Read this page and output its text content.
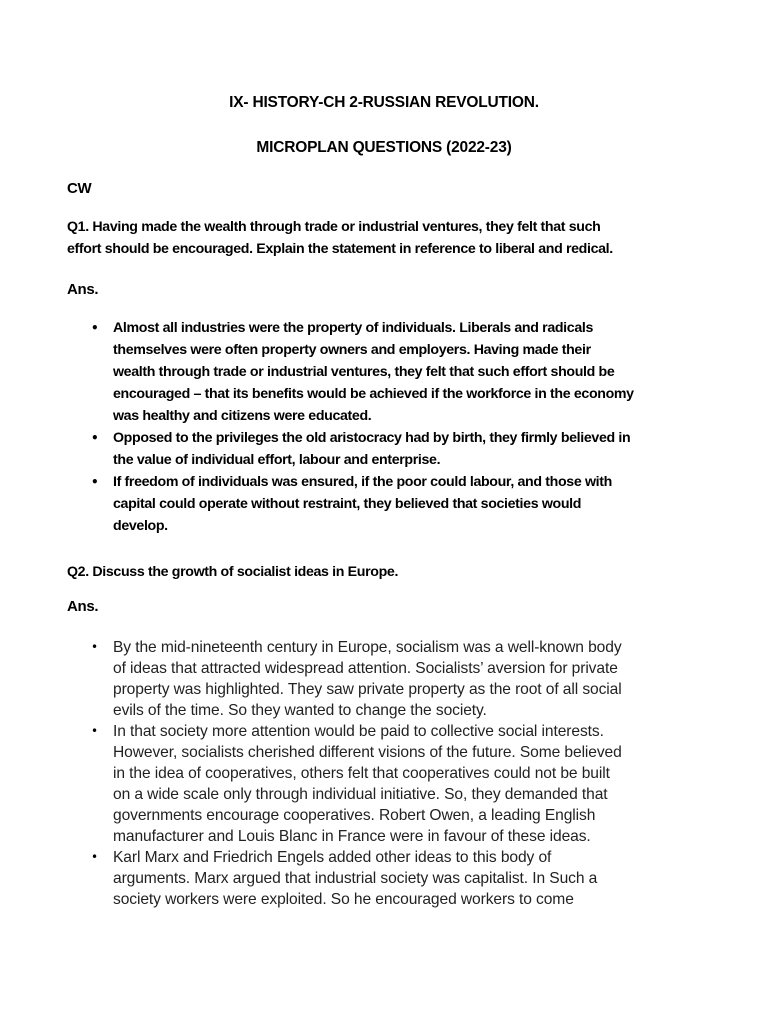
IX- HISTORY-CH 2-RUSSIAN REVOLUTION.
MICROPLAN QUESTIONS (2022-23)
CW
Q1. Having made the wealth through trade or industrial ventures, they felt that such
effort should be encouraged. Explain the statement in reference to liberal and redical.
Ans.
• Almost all industries were the property of individuals. Liberals and radicals
themselves were often property owners and employers. Having made their
wealth through trade or industrial ventures, they felt that such effort should be
encouraged – that its benefits would be achieved if the workforce in the economy
was healthy and citizens were educated.
• Opposed to the privileges the old aristocracy had by birth, they firmly believed in
the value of individual effort, labour and enterprise.
• If freedom of individuals was ensured, if the poor could labour, and those with
capital could operate without restraint, they believed that societies would
develop.
Q2. Discuss the growth of socialist ideas in Europe.
Ans.
• By the mid-nineteenth century in Europe, socialism was a well-known body
of ideas that attracted widespread attention. Socialists’ aversion for private
property was highlighted. They saw private property as the root of all social
evils of the time. So they wanted to change the society.
• In that society more attention would be paid to collective social interests.
However, socialists cherished different visions of the future. Some believed
in the idea of cooperatives, others felt that cooperatives could not be built
on a wide scale only through individual initiative. So, they demanded that
governments encourage cooperatives. Robert Owen, a leading English
manufacturer and Louis Blanc in France were in favour of these ideas.
• Karl Marx and Friedrich Engels added other ideas to this body of
arguments. Marx argued that industrial society was capitalist. In Such a
society workers were exploited. So he encouraged workers to come
